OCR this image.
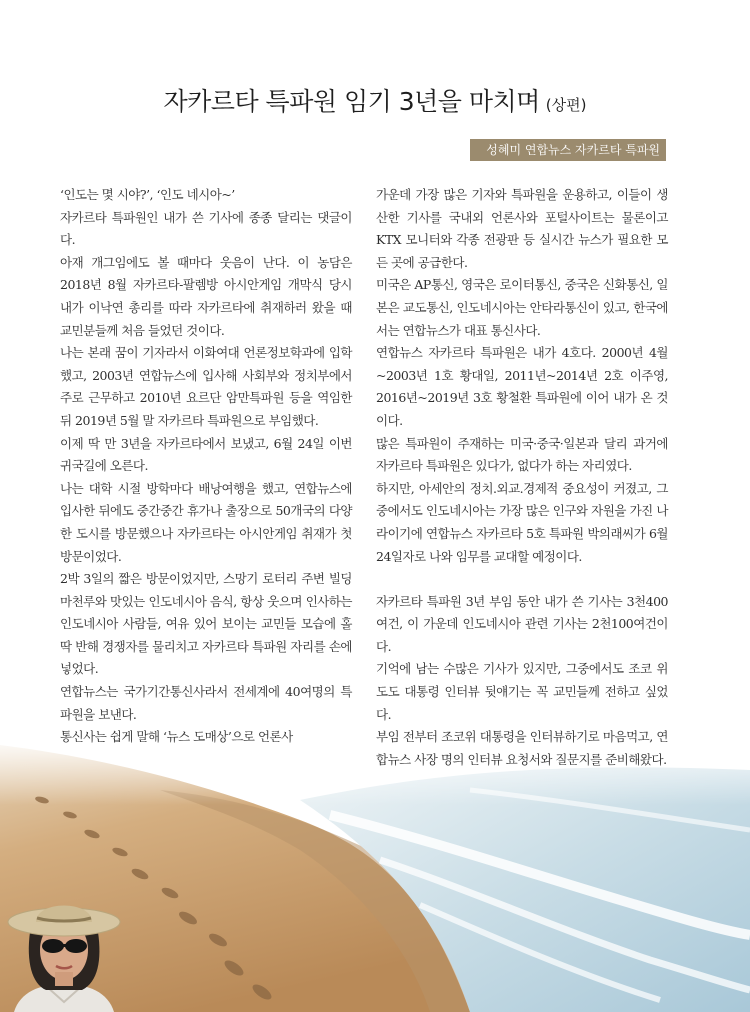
자카르타 특파원 임기 3년을 마치며 (상편)
성혜미 연합뉴스 자카르타 특파원

‘인도는 몇 시야?’, ‘인도 네시아~’

자카르타 특파원인 내가 쓴 기사에 종종 달리는 댓글이다.

아재 개그임에도 볼 때마다 웃음이 난다. 이 농담은 2018년 8월 자카르타-팔렘방 아시안게임 개막식 당시 내가 이낙연 총리를 따라 자카르타에 취재하러 왔을 때 교민분들께 처음 들었던 것이다.

나는 본래 꿈이 기자라서 이화여대 언론정보학과에 입학했고, 2003년 연합뉴스에 입사해 사회부와 정치부에서 주로 근무하고 2010년 요르단 암만특파원 등을 역임한 뒤 2019년 5월 말 자카르타 특파원으로 부임했다.

이제 딱 만 3년을 자카르타에서 보냈고, 6월 24일 이번 귀국길에 오른다.

나는 대학 시절 방학마다 배낭여행을 했고, 연합뉴스에 입사한 뒤에도 중간중간 휴가나 출장으로 50개국의 다양한 도시를 방문했으나 자카르타는 아시안게임 취재가 첫 방문이었다.

2박 3일의 짧은 방문이었지만, 스망기 로터리 주변 빌딩 마천루와 맛있는 인도네시아 음식, 항상 웃으며 인사하는 인도네시아 사람들, 여유 있어 보이는 교민들 모습에 홀딱 반해 경쟁자를 물리치고 자카르타 특파원 자리를 손에 넣었다.

연합뉴스는 국가기간통신사라서 전세계에 40여명의 특파원을 보낸다.

통신사는 쉽게 말해 ‘뉴스 도매상’으로 언론사

가운데 가장 많은 기자와 특파원을 운용하고, 이들이 생산한 기사를 국내외 언론사와 포털사이트는 물론이고 KTX 모니터와 각종 전광판 등 실시간 뉴스가 필요한 모든 곳에 공급한다.

미국은 AP통신, 영국은 로이터통신, 중국은 신화통신, 일본은 교도통신, 인도네시아는 안타라통신이 있고, 한국에서는 연합뉴스가 대표 통신사다.

연합뉴스 자카르타 특파원은 내가 4호다. 2000년 4월~2003년 1호 황대일, 2011년~2014년 2호 이주영, 2016년~2019년 3호 황철환 특파원에 이어 내가 온 것이다.

많은 특파원이 주재하는 미국·중국·일본과 달리 과거에 자카르타 특파원은 있다가, 없다가 하는 자리였다.

하지만, 아세안의 정치.외교.경제적 중요성이 커졌고, 그중에서도 인도네시아는 가장 많은 인구와 자원을 가진 나라이기에 연합뉴스 자카르타 5호 특파원 박의래씨가 6월24일자로 나와 임무를 교대할 예정이다.

자카르타 특파원 3년 부임 동안 내가 쓴 기사는 3천400여건, 이 가운데 인도네시아 관련 기사는 2천100여건이다.

기억에 남는 수많은 기사가 있지만, 그중에서도 조코 위도도 대통령 인터뷰 뒷얘기는 꼭 교민들께 전하고 싶었다.

부임 전부터 조코위 대통령을 인터뷰하기로 마음먹고, 연합뉴스 사장 명의 인터뷰 요청서와 질문지를 준비해왔다.
